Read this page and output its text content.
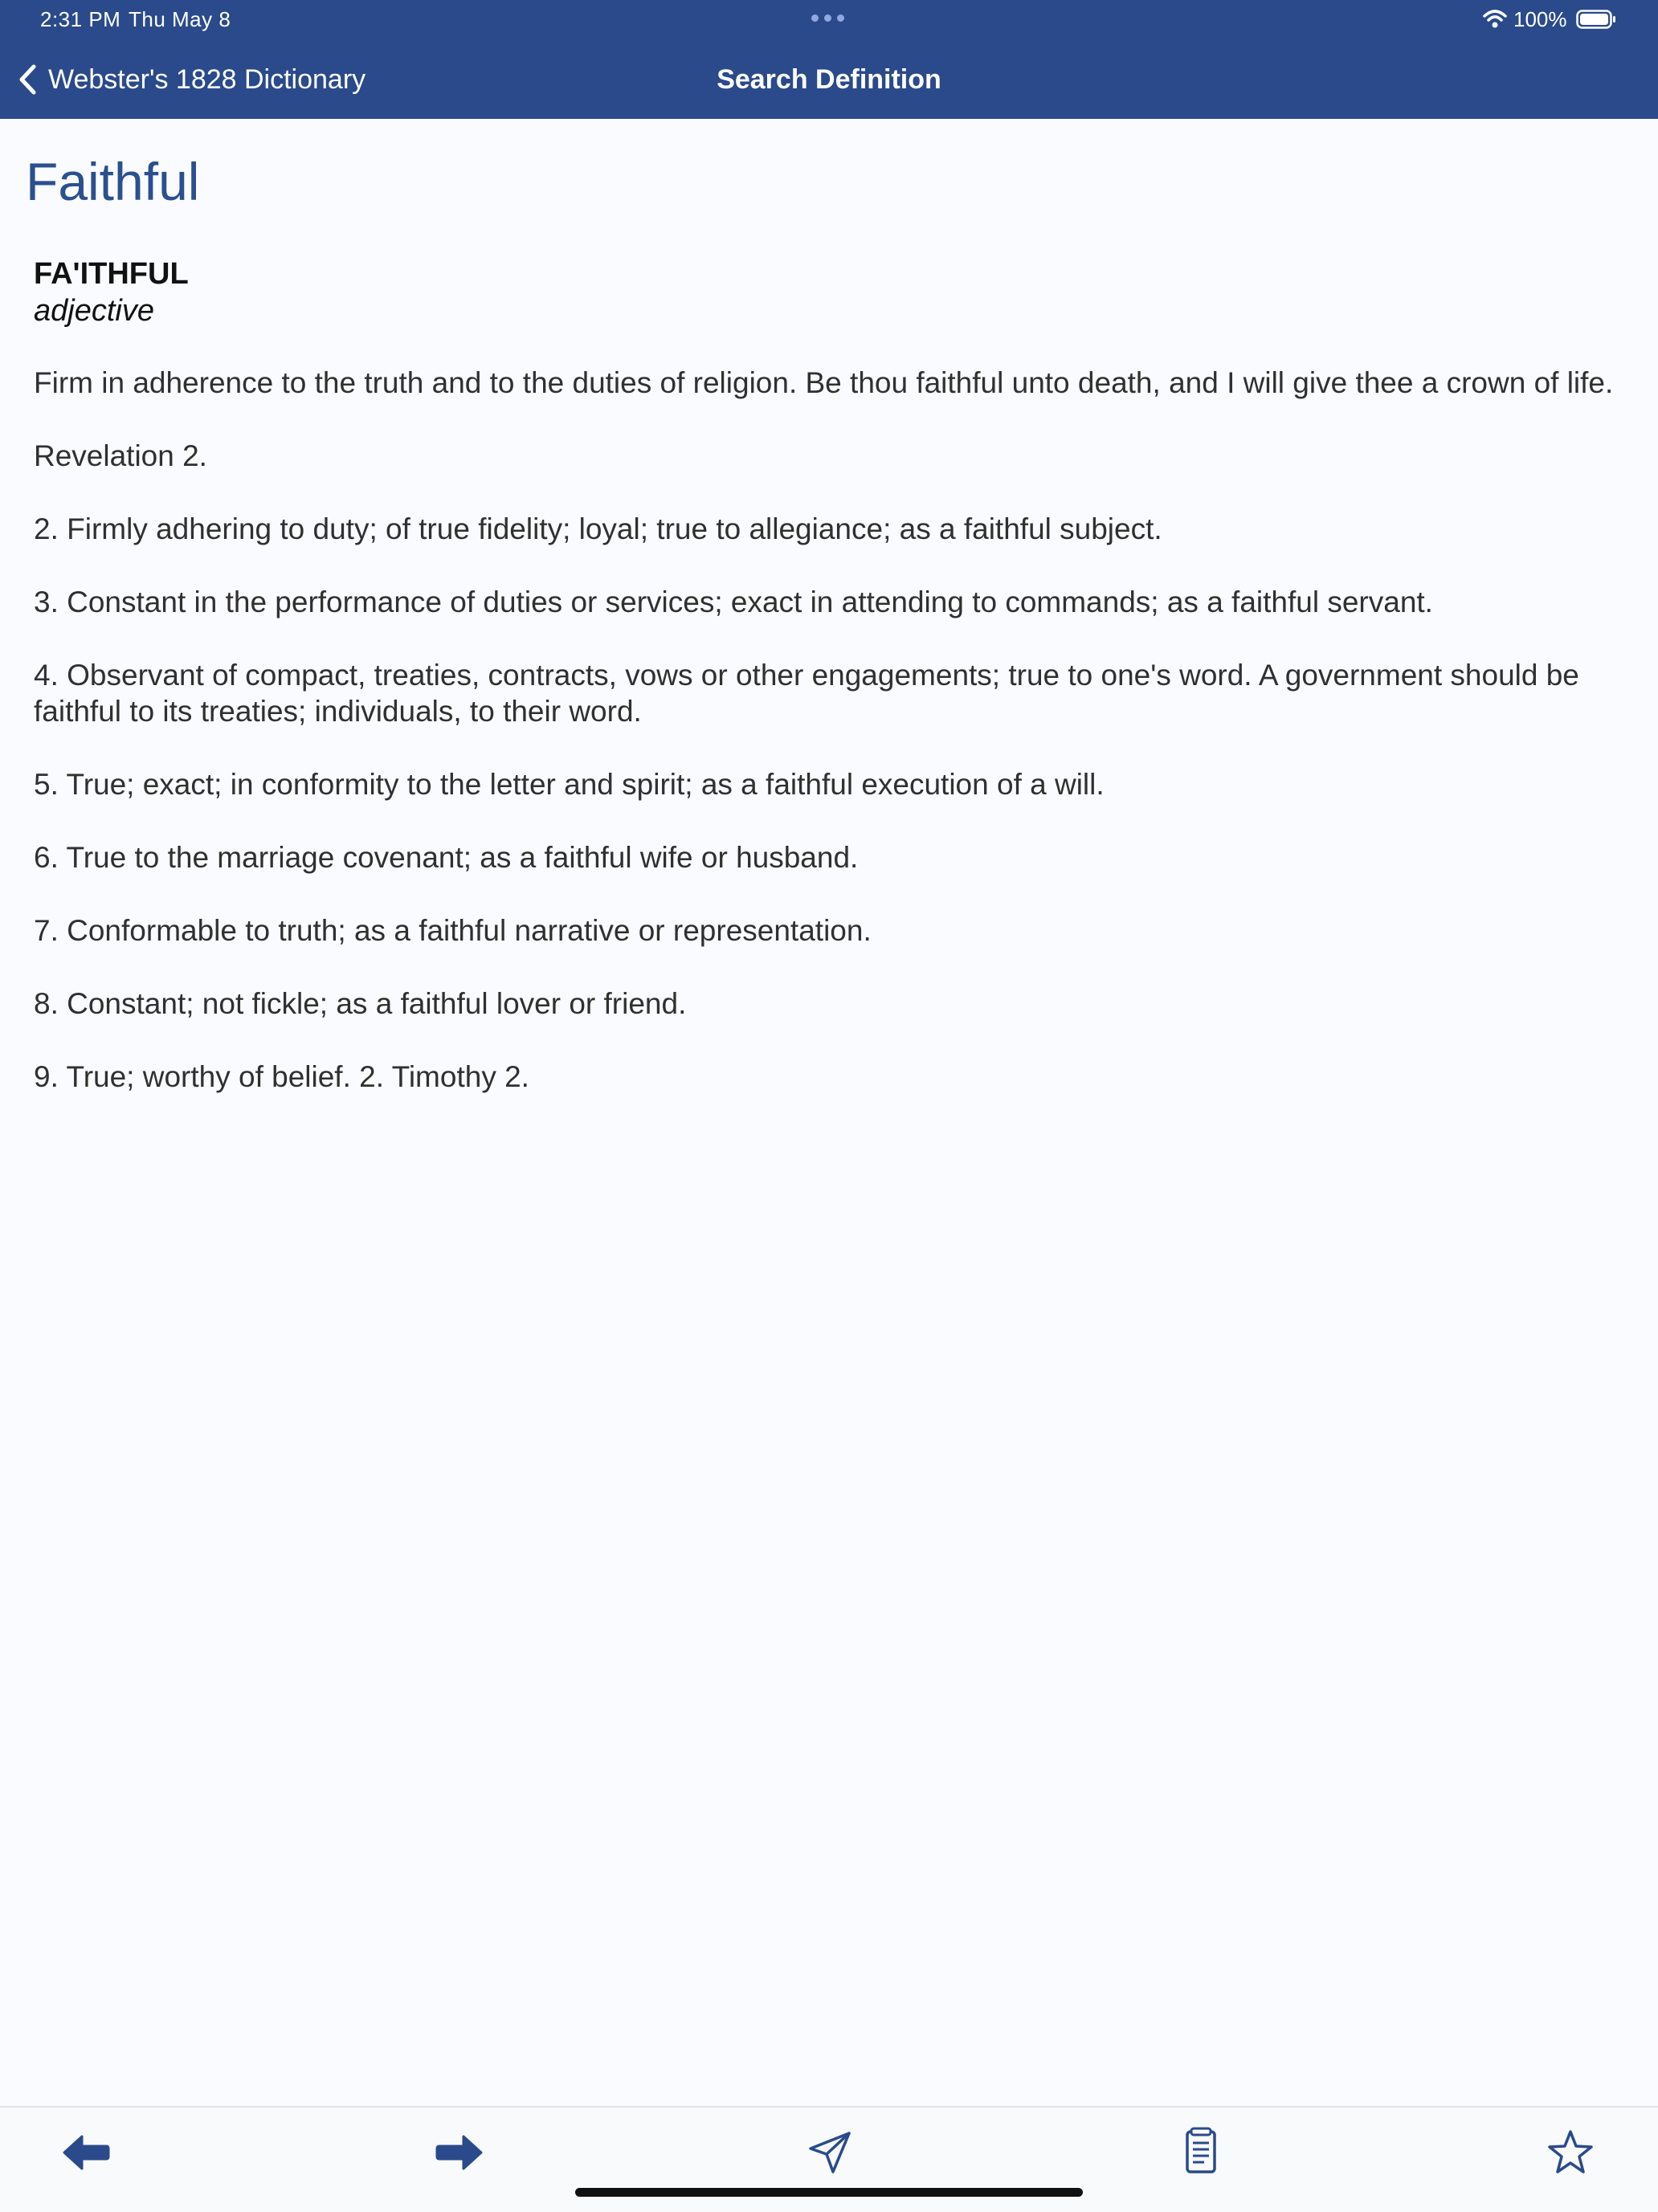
2:31 PM Thu May 8	100%
Webster's 1828 Dictionary	Search Definition
Faithful
FA'ITHFUL
adjective

Firm in adherence to the truth and to the duties of religion. Be thou faithful unto death, and I will give thee a crown of life.

Revelation 2.

2. Firmly adhering to duty; of true fidelity; loyal; true to allegiance; as a faithful subject.

3. Constant in the performance of duties or services; exact in attending to commands; as a faithful servant.

4. Observant of compact, treaties, contracts, vows or other engagements; true to one's word. A government should be faithful to its treaties; individuals, to their word.

5. True; exact; in conformity to the letter and spirit; as a faithful execution of a will.

6. True to the marriage covenant; as a faithful wife or husband.

7. Conformable to truth; as a faithful narrative or representation.

8. Constant; not fickle; as a faithful lover or friend.

9. True; worthy of belief. 2. Timothy 2.
